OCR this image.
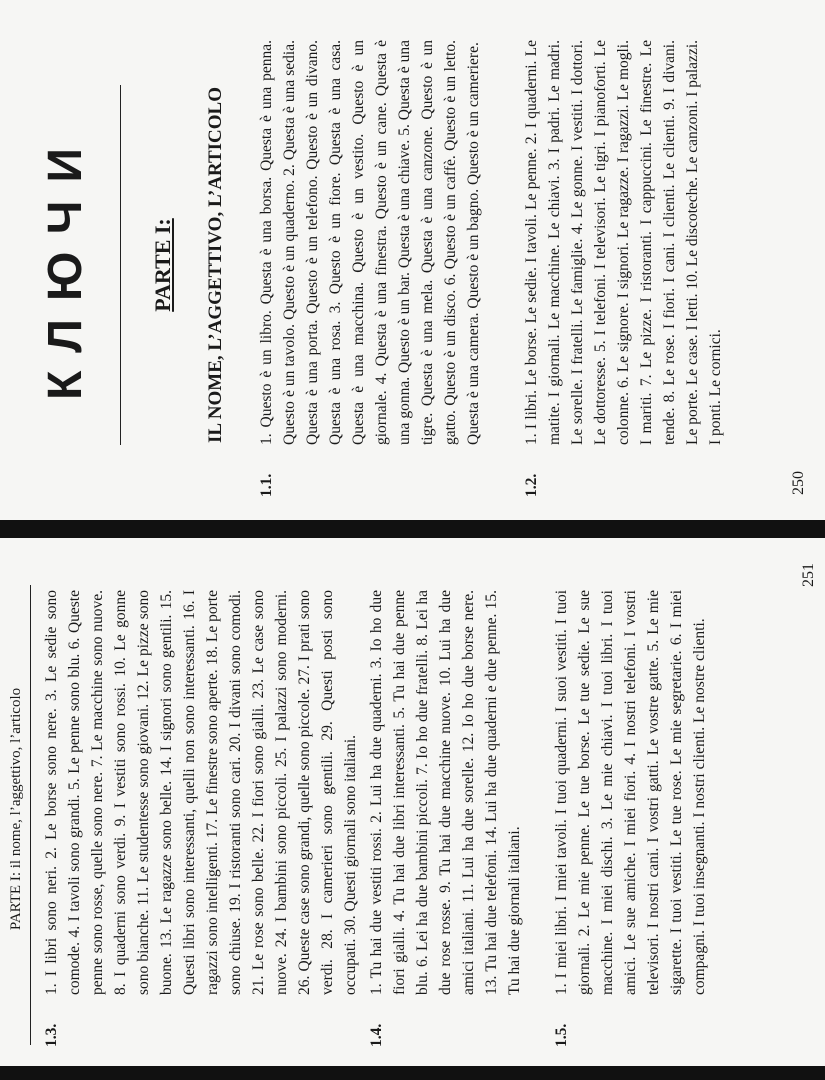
КЛЮЧИ	PARTE I: IL NOME, L’AGGETTIVO, L’ARTICOLO
1.1.
1. Questo è un libro. Questa è una borsa. Questa è una penna. Questo è un tavolo. Questo è un quaderno. 2. Questa è una sedia. Questa è una porta. Questo è un telefono. Questo è un divano. Questa è una rosa. 3. Questo è un fiore. Questa è una casa. Questa è una macchina. Questo è un vestito. Questo è un giornale. 4. Questa è una finestra. Questo è un cane. Questa è una gonna. Questo è un bar. Questa è una chiave. 5. Questa è una tigre. Questa è una mela. Questa è una canzone. Questo è un gatto. Questo è un disco. 6. Questo è un caffè. Questo è un letto. Questa è una camera. Questo è un bagno. Questo è un cameriere.
1.2.
1. I libri. Le borse. Le sedie. I tavoli. Le penne. 2. I quaderni. Le matite. I giornali. Le macchine. Le chiavi. 3. I padri. Le madri. Le sorelle. I fratelli. Le famiglie. 4. Le gonne. I vestiti. I dottori. Le dottoresse. 5. I telefoni. I televisori. Le tigri. I pianoforti. Le colonne. 6. Le signore. I signori. Le ragazze. I ragazzi. Le mogli. I mariti. 7. Le pizze. I ristoranti. I cappuccini. Le finestre. Le tende. 8. Le rose. I fiori. I cani. I clienti. Le clienti. 9. I divani. Le porte. Le case. I letti. 10. Le discoteche. Le canzoni. I palazzi. I ponti. Le cornici.
250
PARTE I: il nome, l’aggettivo, l’articolo
1.3.
1. I libri sono neri. 2. Le borse sono nere. 3. Le sedie sono comode. 4. I tavoli sono grandi. 5. Le penne sono blu. 6. Queste penne sono rosse, quelle sono nere. 7. Le macchine sono nuove. 8. I quaderni sono verdi. 9. I vestiti sono rossi. 10. Le gonne sono bianche. 11. Le studentesse sono giovani. 12. Le pizze sono buone. 13. Le ragazze sono belle. 14. I signori sono gentili. 15. Questi libri sono interessanti, quelli non sono interessanti. 16. I ragazzi sono intelligenti. 17. Le finestre sono aperte. 18. Le porte sono chiuse. 19. I ristoranti sono cari. 20. I divani sono comodi. 21. Le rose sono belle. 22. I fiori sono gialli. 23. Le case sono nuove. 24. I bambini sono piccoli. 25. I palazzi sono moderni. 26. Queste case sono grandi, quelle sono piccole. 27. I prati sono verdi. 28. I camerieri sono gentili. 29. Questi posti sono occupati. 30. Questi giornali sono italiani.
1.4.
1. Tu hai due vestiti rossi. 2. Lui ha due quaderni. 3. Io ho due fiori gialli. 4. Tu hai due libri interessanti. 5. Tu hai due penne blu. 6. Lei ha due bambini piccoli. 7. Io ho due fratelli. 8. Lei ha due rose rosse. 9. Tu hai due macchine nuove. 10. Lui ha due amici italiani. 11. Lui ha due sorelle. 12. Io ho due borse nere. 13. Tu hai due telefoni. 14. Lui ha due quaderni e due penne. 15. Tu hai due giornali italiani.
1.5.
1. I miei libri. I miei tavoli. I tuoi quaderni. I suoi vestiti. I tuoi giornali. 2. Le mie penne. Le tue borse. Le tue sedie. Le sue macchine. I miei dischi. 3. Le mie chiavi. I tuoi libri. I tuoi amici. Le sue amiche. I miei fiori. 4. I nostri telefoni. I vostri televisori. I nostri cani. I vostri gatti. Le vostre gatte. 5. Le mie sigarette. I tuoi vestiti. Le tue rose. Le mie segretarie. 6. I miei compagni. I tuoi insegnanti. I nostri clienti. Le nostre clienti.
251
